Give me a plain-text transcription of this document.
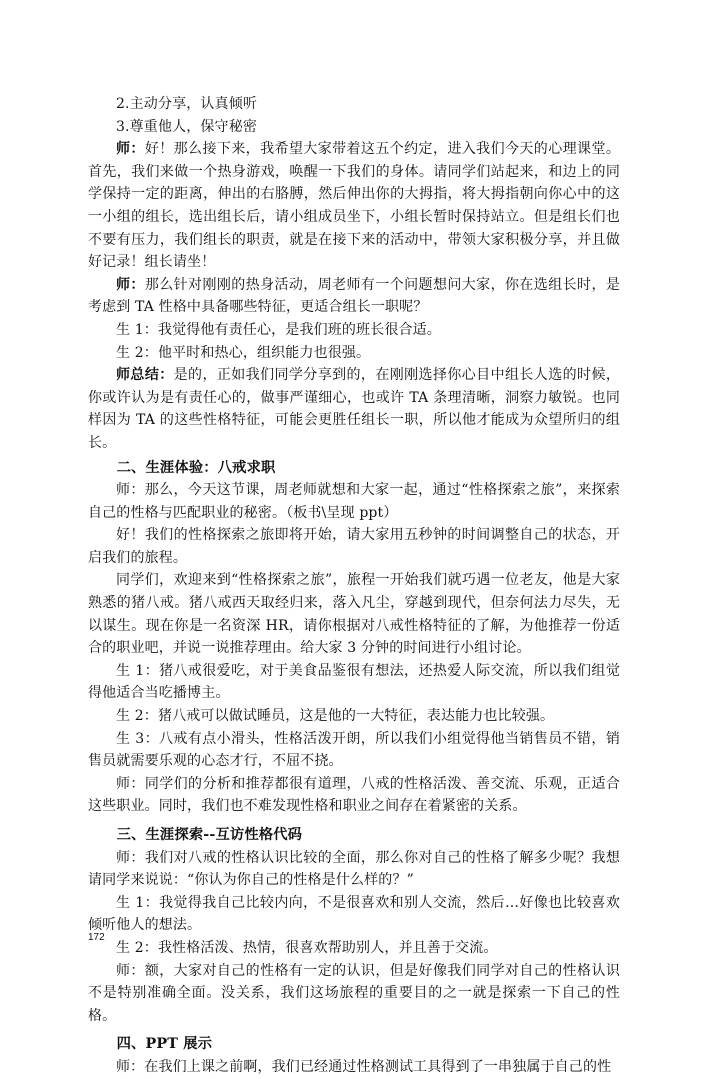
2.主动分享，认真倾听

3.尊重他人，保守秘密

师：好！那么接下来，我希望大家带着这五个约定，进入我们今天的心理课堂。首先，我们来做一个热身游戏，唤醒一下我们的身体。请同学们站起来，和边上的同学保持一定的距离，伸出的右胳膊，然后伸出你的大拇指，将大拇指朝向你心中的这一小组的组长，选出组长后，请小组成员坐下，小组长暂时保持站立。但是组长们也不要有压力，我们组长的职责，就是在接下来的活动中，带领大家积极分享，并且做好记录！组长请坐！

师：那么针对刚刚的热身活动，周老师有一个问题想问大家，你在选组长时，是考虑到 TA 性格中具备哪些特征，更适合组长一职呢？

生 1：我觉得他有责任心，是我们班的班长很合适。

生 2：他平时和热心，组织能力也很强。

师总结：是的，正如我们同学分享到的，在刚刚选择你心目中组长人选的时候，你或许认为是有责任心的，做事严谨细心，也或许 TA 条理清晰，洞察力敏锐。也同样因为 TA 的这些性格特征，可能会更胜任组长一职，所以他才能成为众望所归的组长。

二、生涯体验：八戒求职

师：那么，今天这节课，周老师就想和大家一起，通过“性格探索之旅”，来探索自己的性格与匹配职业的秘密。（板书\呈现 ppt）

好！我们的性格探索之旅即将开始，请大家用五秒钟的时间调整自己的状态，开启我们的旅程。

同学们，欢迎来到“性格探索之旅”，旅程一开始我们就巧遇一位老友，他是大家熟悉的猪八戒。猪八戒西天取经归来，落入凡尘，穿越到现代，但奈何法力尽失，无以谋生。现在你是一名资深 HR，请你根据对八戒性格特征的了解，为他推荐一份适合的职业吧，并说一说推荐理由。给大家 3 分钟的时间进行小组讨论。

生 1：猪八戒很爱吃，对于美食品鉴很有想法，还热爱人际交流，所以我们组觉得他适合当吃播博主。

生 2：猪八戒可以做试睡员，这是他的一大特征，表达能力也比较强。

生 3：八戒有点小滑头，性格活泼开朗，所以我们小组觉得他当销售员不错，销售员就需要乐观的心态才行，不屈不挠。

师：同学们的分析和推荐都很有道理，八戒的性格活泼、善交流、乐观，正适合这些职业。同时，我们也不难发现性格和职业之间存在着紧密的关系。

三、生涯探索--互访性格代码

师：我们对八戒的性格认识比较的全面，那么你对自己的性格了解多少呢？我想请同学来说说：“你认为你自己的性格是什么样的？”

生 1：我觉得我自己比较内向，不是很喜欢和别人交流，然后…好像也比较喜欢倾听他人的想法。

生 2：我性格活泼、热情，很喜欢帮助别人，并且善于交流。

师：额，大家对自己的性格有一定的认识，但是好像我们同学对自己的性格认识不是特别准确全面。没关系，我们这场旅程的重要目的之一就是探索一下自己的性格。

四、PPT 展示

师：在我们上课之前啊，我们已经通过性格测试工具得到了一串独属于自己的性

172
